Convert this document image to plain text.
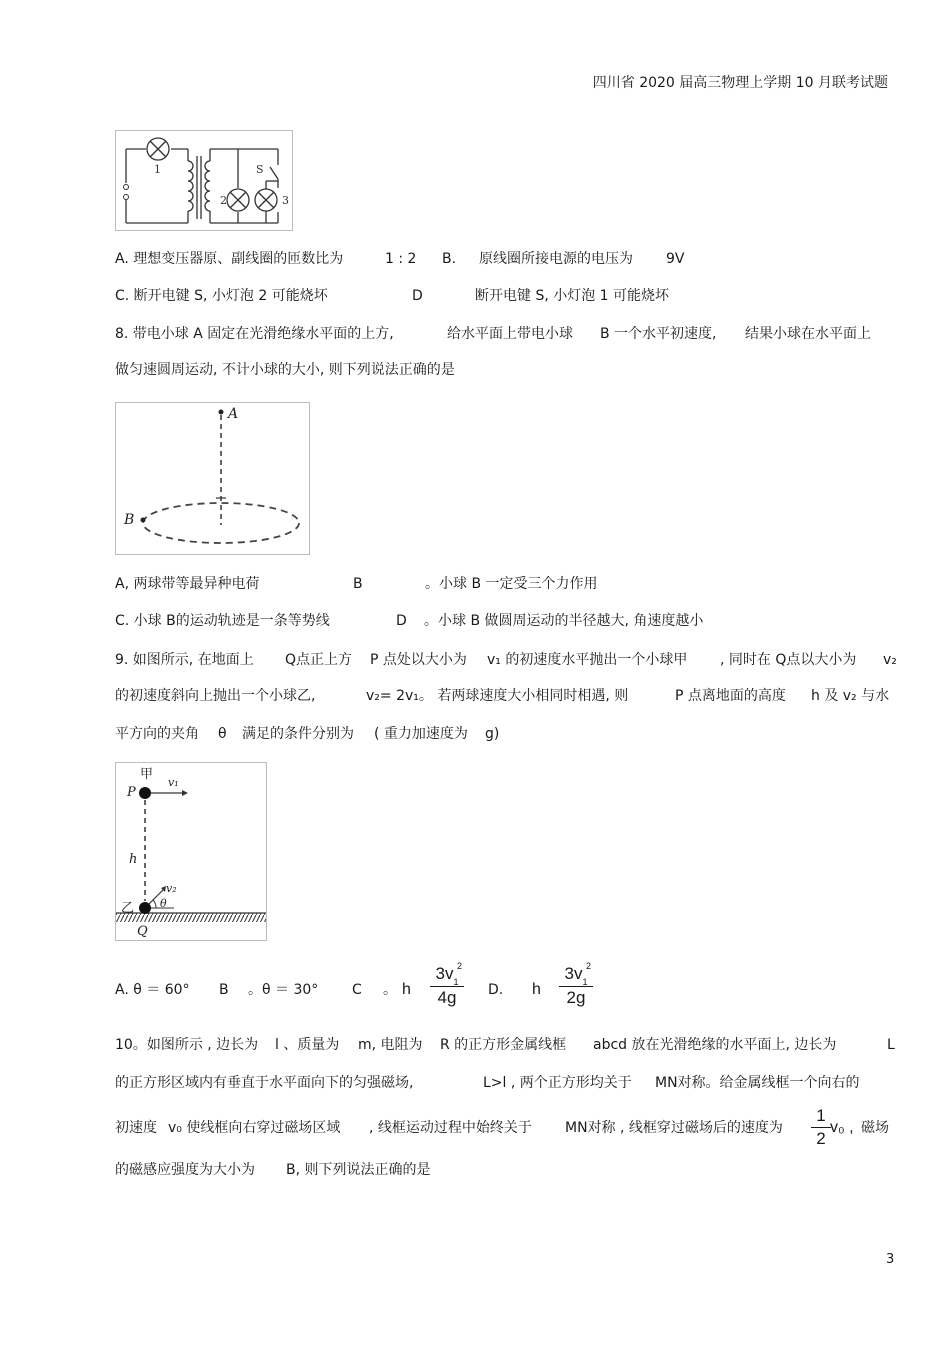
四川省 2020 届高三物理上学期 10 月联考试题
1
2	3
S
A. 理想变压器原、副线圈的匝数比为	1 : 2 B. 原线圈所接电源的电压为 9V
C. 断开电键 S, 小灯泡 2 可能烧坏	D	断开电键 S, 小灯泡 1 可能烧坏
8. 带电小球 A 固定在光滑绝缘水平面的上方,	给水平面上带电小球 B 一个水平初速度, 结果小球在水平面上
做匀速圆周运动, 不计小球的大小, 则下列说法正确的是
A
B
A, 两球带等最异种电荷	B	。小球 B 一定受三个力作用
C. 小球 B的运动轨迹是一条等势线	D 。小球 B 做圆周运动的半径越大, 角速度越小
9. 如图所示, 在地面上 Q点正上方 P 点处以大小为 v₁ 的初速度水平抛出一个小球甲 , 同时在 Q点以大小为 v₂
的初速度斜向上抛出一个小球乙,	v₂= 2v₁。 若两球速度大小相同时相遇, 则	P 点离地面的高度 h 及 v₂ 与水
平方向的夹角 θ 满足的条件分别为 ( 重力加速度为 g)
甲
P
v₁
h
乙
v₂
θ
Q
A. θ ＝ 60° B 。θ ＝ 30° C 。 h	D. h
$3v_1$
2
4g
$3v_1$
2
2g
10。如图所示 , 边长为 l 、质量为 m, 电阻为 R 的正方形金属线框 abcd 放在光滑绝缘的水平面上, 边长为	L
的正方形区域内有垂直于水平面向下的匀强磁场,	L>l , 两个正方形均关于 MN对称。给金属线框一个向右的
初速度 v₀ 使线框向右穿过磁场区域 , 线框运动过程中始终关于 MN对称 , 线框穿过磁场后的速度为	v₀ , 磁场
1
2
的磁感应强度为大小为 B, 则下列说法正确的是
3
